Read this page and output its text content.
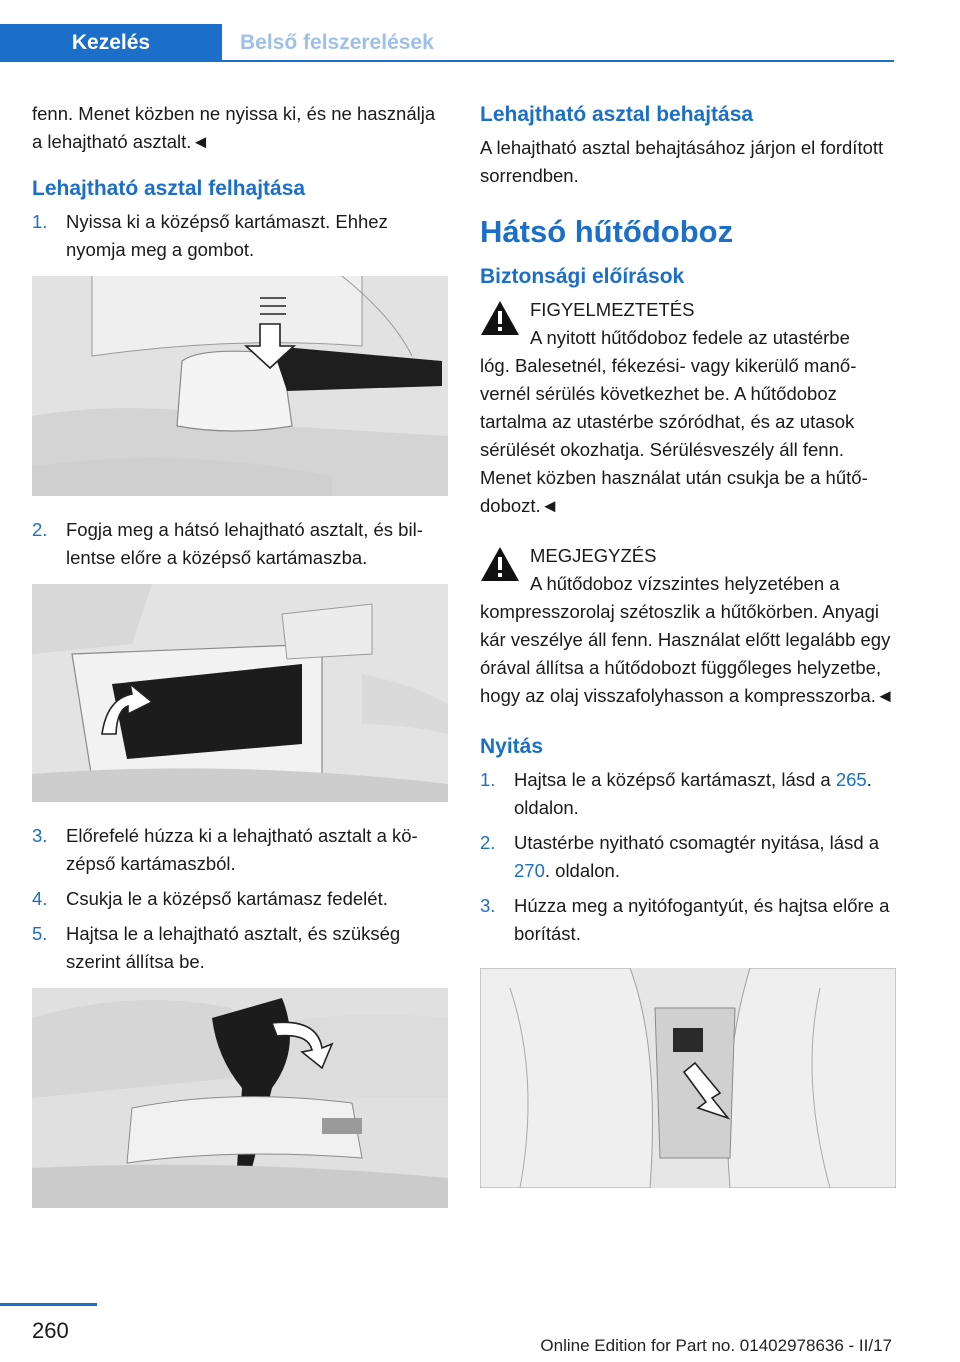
Kezelés	Belső felszerelések

fenn. Menet közben ne nyissa ki, és ne használja a lehajtható asztalt.◄

Lehajtható asztal felhajtása
1. Nyissa ki a középső kartámaszt. Ehhez nyomja meg a gombot.
2. Fogja meg a hátsó lehajtható asztalt, és billentse előre a középső kartámaszba.
3. Előrefelé húzza ki a lehajtható asztalt a középső kartámaszból.
4. Csukja le a középső kartámasz fedelét.
5. Hajtsa le a lehajtható asztalt, és szükség szerint állítsa be.
Lehajtható asztal behajtása

A lehajtható asztal behajtásához járjon el fordított sorrendben.

Hátsó hűtődoboz
Biztonsági előírások
FIGYELMEZTETÉS
A nyitott hűtődoboz fedele az utastérbe
lóg. Balesetnél, fékezési- vagy kikerülő manővernél sérülés következhet be. A hűtődoboz tartalma az utastérbe szóródhat, és az utasok sérülését okozhatja. Sérülésveszély áll fenn. Menet közben használat után csukja be a hűtődobozt.◄
MEGJEGYZÉS
A hűtődoboz vízszintes helyzetében a
kompresszorolaj szétoszlik a hűtőkörben. Anyagi kár veszélye áll fenn. Használat előtt legalább egy órával állítsa a hűtődobozt függőleges helyzetbe, hogy az olaj visszafolyhasson a kompresszorba.◄
Nyitás
1. Hajtsa le a középső kartámaszt, lásd a 265. oldalon.
2. Utastérbe nyitható csomagtér nyitása, lásd a 270. oldalon.
3. Húzza meg a nyitófogantyút, és hajtsa előre a borítást.
260
Online Edition for Part no. 01402978636 - II/17
